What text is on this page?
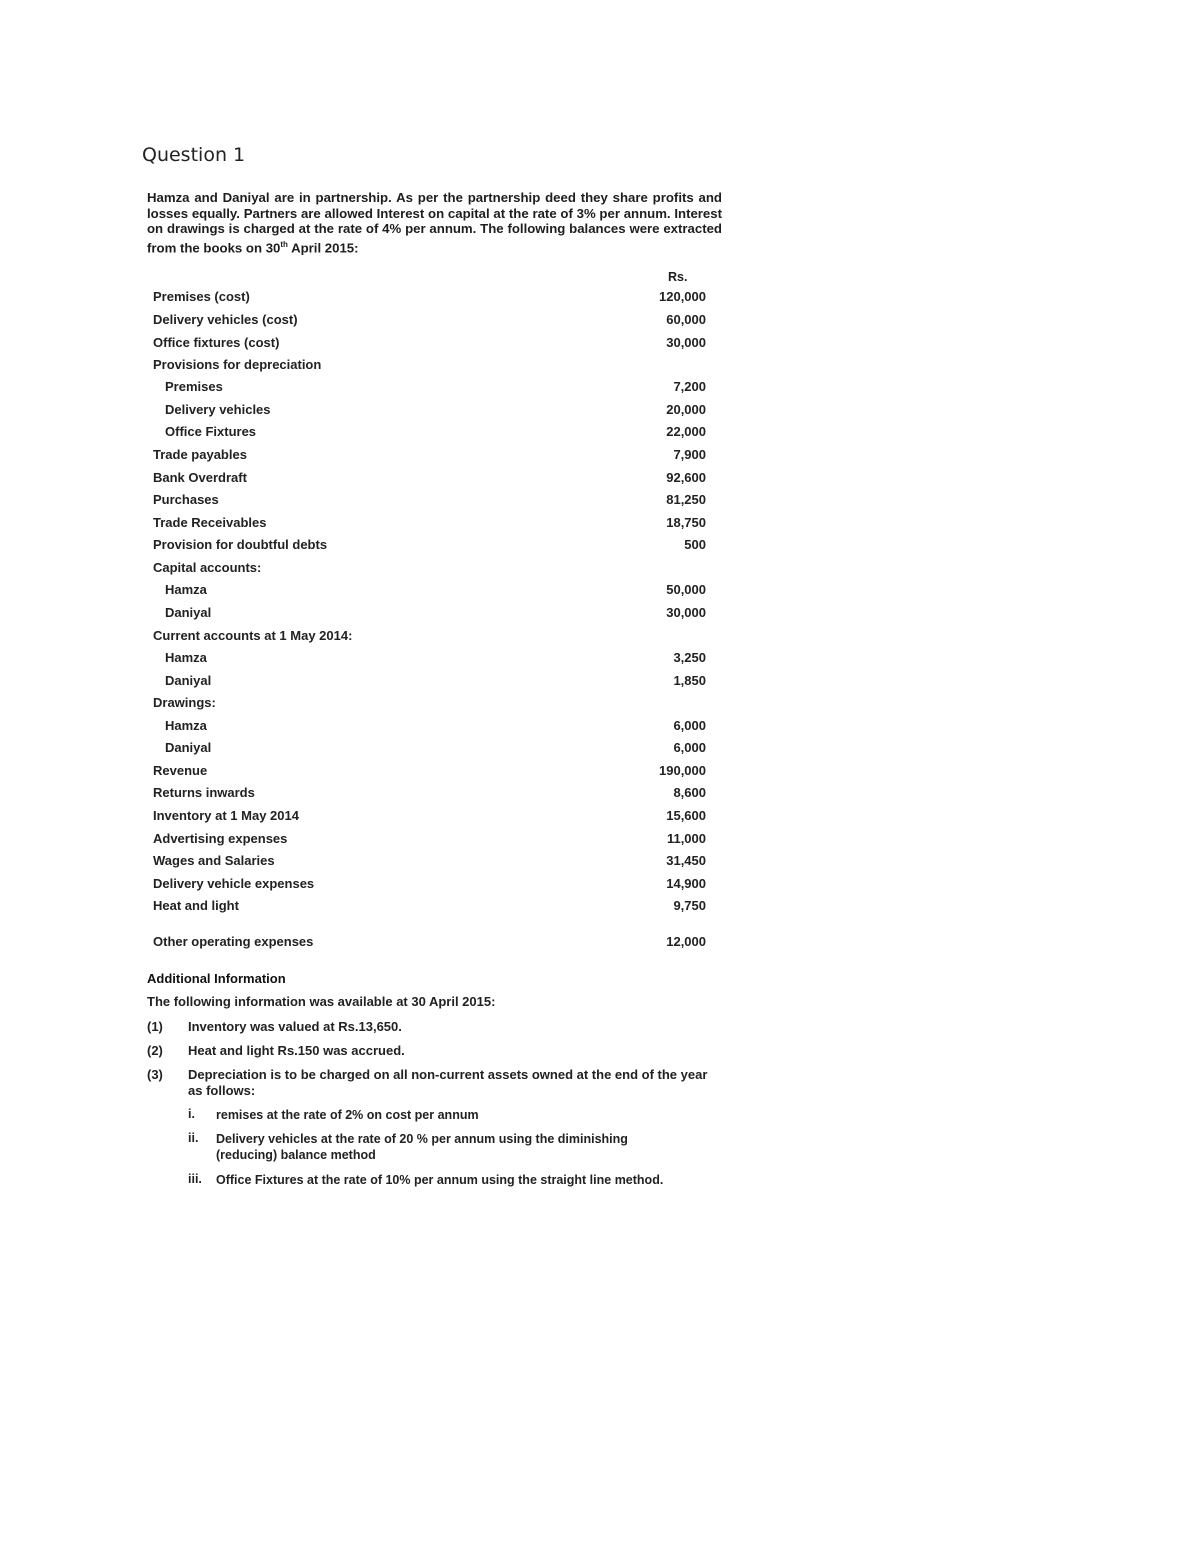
Question 1
Hamza and Daniyal are in partnership. As per the partnership deed they share profits and losses equally. Partners are allowed Interest on capital at the rate of 3% per annum. Interest on drawings is charged at the rate of 4% per annum. The following balances were extracted from the books on 30th April 2015:
Rs.
Premises (cost)	120,000
Delivery vehicles (cost)	60,000
Office fixtures (cost)	30,000
Provisions for depreciation
Premises	7,200
Delivery vehicles	20,000
Office Fixtures	22,000
Trade payables	7,900
Bank Overdraft	92,600
Purchases	81,250
Trade Receivables	18,750
Provision for doubtful debts	500
Capital accounts:
Hamza	50,000
Daniyal	30,000
Current accounts at 1 May 2014:
Hamza	3,250
Daniyal	1,850
Drawings:
Hamza	6,000
Daniyal	6,000
Revenue	190,000
Returns inwards	8,600
Inventory at 1 May 2014	15,600
Advertising expenses	11,000
Wages and Salaries	31,450
Delivery vehicle expenses	14,900
Heat and light	9,750
Other operating expenses	12,000
Additional Information
The following information was available at 30 April 2015:
(1) Inventory was valued at Rs.13,650.
(2) Heat and light Rs.150 was accrued.
(3) Depreciation is to be charged on all non-current assets owned at the end of the year as follows:
i. remises at the rate of 2% on cost per annum
ii. Delivery vehicles at the rate of 20 % per annum using the diminishing (reducing) balance method
iii. Office Fixtures at the rate of 10% per annum using the straight line method.
